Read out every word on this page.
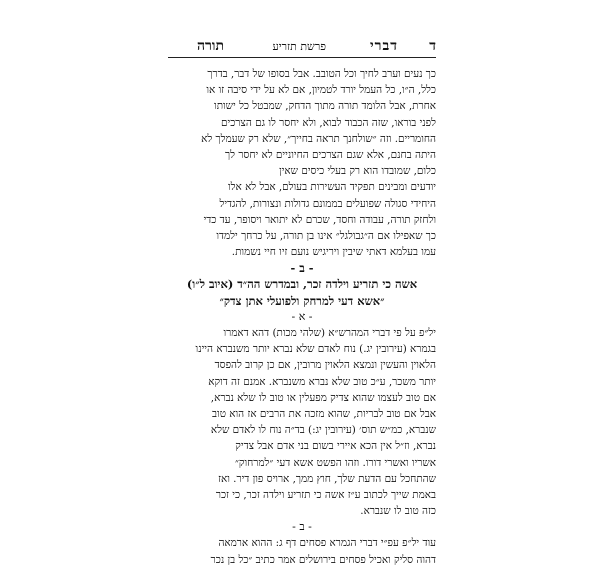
ד
דברי
פרשת תזריע
תורה
כך נעים וערב לחיך וכל הטובב. אבל בסופו של דבר, בדרך
כלל, ה״ו, כל העמל יורד לטמיון, אם לא על ידי סיבה זו או
אחרת, אבל הלומד תורה מתוך הדחק, שמבטל כל ישותו
לפני בוראו, שזה הכבוד לבוא, ולא יחסר לו גם הצרכים
החומריים. וזה ״שולחנך תראה בחייך״, שלא רק שעמלך לא
היתה בחנם, אלא שגם הצרכים החיוניים לא יחסר לך
כלום, שמובדו הוא רק בעלי כיסים שאין
יודעים ומבינים תפקיד העשירות בעולם, אבל לא אלו
היחידי סגולה שפועלים בממונם גדולות ונצורות, להגדיל
ולחזק תורה, עבודה וחסד, שכרם לא יתואר ויסופר, עד כדי
כך שאפילו אם ה״גבולגל״ אינו בן תורה, על כרחך ילמדו
עמו בעלמא דאתי שיבין ויריגיש נועם זיו חיי נשמות.
- ב -
אשה כי תזריע וילדה זכר, ובמדרש הה״ד (איוב ל״ו)
״אשא דעי למרחק ולפועלי אתן צדק״
- א -
יל״פ על פי דברי המהרש״א (שלהי מכות) דהא דאמרו
בגמרא (עירובין יג.) נוח לאדם שלא נברא יותר משנברא היינו
הלאוין והעשין ונמצא הלאוין מרובין, אם כן קרוב להפסד
יותר משכר, ע״כ טוב שלא נברא משנברא. אמנם זה דוקא
אם טוב לעצמו שהוא צדיק מפעלין או טוב לו שלא נברא,
אבל אם טוב לבריות, שהוא מזכה את הרבים אז הוא טוב
שנברא, כמ״ש תוס׳ (עירובין יג:) בד״ה נוח לו לאדם שלא
נברא, וז״ל אין הכא איירי בשום בני אדם אבל צדיק
אשריו ואשרי דורו. וזהו הפשט אשא דעי ״למרחוק״
שהתחכל עם הדעת שלך, חוץ ממך, ארויס פון דיר. ואז
באמת שייך לכתוב ע״ז אשה כי תזריע וילדה זכר, כי זכר
כזה טוב לו שנברא.
- ב -
עוד יל״פ עפ״י דברי הגמרא פסחים דף ג: ההוא ארמאה
דהוה סליק ואכיל פסחים בירושלים אמר כתיב ״כל בן נכר
